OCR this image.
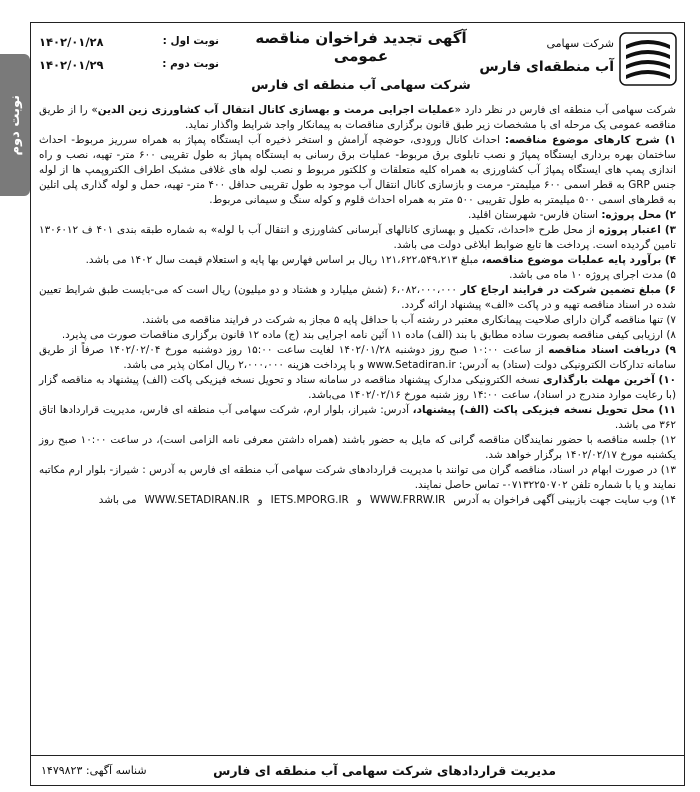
نوبت دوم
شرکت سهامی
آب منطقه‌ای فارس
آگهی تجدید فراخوان مناقصه عمومی
شرکت سهامی آب منطقه ای فارس
نوبت اول :
۱۴۰۲/۰۱/۲۸
نوبت دوم :
۱۴۰۲/۰۱/۲۹

شرکت سهامی آب منطقه ای فارس در نظر دارد «عملیات اجرایی مرمت و بهسازی کانال انتقال آب کشاورزی زین الدین» را از طریق مناقصه عمومی یک مرحله ای با مشخصات زیر طبق قانون برگزاری مناقصات به پیمانکار واجد شرایط واگذار نماید.

۱) شرح کارهای موضوع مناقصه: احداث کانال ورودی، حوضچه آرامش و استخر ذخیره آب ایستگاه پمپاژ به همراه سرریز مربوط- احداث ساختمان بهره برداری ایستگاه پمپاژ و نصب تابلوی برق مربوط- عملیات برق رسانی به ایستگاه پمپاژ به طول تقریبی ۶۰۰ متر- تهیه، نصب و راه اندازی پمپ های ایستگاه پمپاژ آب کشاورزی به همراه کلیه متعلقات و کلکتور مربوط و نصب لوله های غلافی مشبک اطراف الکتروپمپ ها از لوله جنس GRP به قطر اسمی ۶۰۰ میلیمتر- مرمت و بازسازی کانال انتقال آب موجود به طول تقریبی حداقل ۴۰۰ متر- تهیه، حمل و لوله گذاری پلی اتلین به قطرهای اسمی ۵۰۰ میلیمتر به طول تقریبی ۵۰۰ متر به همراه احداث قلوم و کوله سنگ و سیمانی مربوط.

۲) محل پروژه: استان فارس- شهرستان اقلید.

۳) اعتبار پروژه از محل طرح «احداث، تکمیل و بهسازی کانالهای آبرسانی کشاورزی و انتقال آب با لوله» به شماره طبقه بندی ۴۰۱ ف ۱۳۰۶۰۱۲ تامین گردیده است. پرداخت ها تابع ضوابط ابلاغی دولت می باشد.

۴) برآورد پایه عملیات موضوع مناقصه، مبلغ ۱۲۱،۶۲۲،۵۴۹،۲۱۳ ریال بر اساس فهارس بها پایه و استعلام قیمت سال ۱۴۰۲ می باشد.

۵) مدت اجرای پروژه ۱۰ ماه می باشد.

۶) مبلغ تضمین شرکت در فرایند ارجاع کار ۶،۰۸۲،۰۰۰،۰۰۰ (شش میلیارد و هشتاد و دو میلیون) ریال است که می-بایست طبق شرایط تعیین شده در اسناد مناقصه تهیه و در پاکت «الف» پیشنهاد ارائه گردد.

۷) تنها مناقصه گران دارای صلاحیت پیمانکاری معتبر در رشته آب با حداقل پایه ۵ مجاز به شرکت در فرایند مناقصه می باشند.

۸) ارزیابی کیفی مناقصه بصورت ساده مطابق با بند (الف) ماده ۱۱ آئین نامه اجرایی بند (ج) ماده ۱۲ قانون برگزاری مناقصات صورت می پذیرد.

۹) دریافت اسناد مناقصه از ساعت ۱۰:۰۰ صبح روز دوشنبه ۱۴۰۲/۰۱/۲۸ لغایت ساعت ۱۵:۰۰ روز دوشنبه مورخ ۱۴۰۲/۰۲/۰۴ صرفاً از طریق سامانه تدارکات الکترونیکی دولت (ستاد) به آدرس: www.Setadiran.ir و با پرداخت هزینه ۲،۰۰۰،۰۰۰ ریال امکان پذیر می باشد.

۱۰) آخرین مهلت بارگذاری نسخه الکترونیکی مدارک پیشنهاد مناقصه در سامانه ستاد و تحویل نسخه فیزیکی پاکت (الف) پیشنهاد به مناقصه گزار (با رعایت موارد مندرج در اسناد)، ساعت ۱۴:۰۰ روز شنبه مورخ ۱۴۰۲/۰۲/۱۶ می‌باشد.

۱۱) محل تحویل نسخه فیزیکی پاکت (الف) پیشنهاد، آدرس: شیراز، بلوار ارم، شرکت سهامی آب منطقه ای فارس، مدیریت قراردادها اتاق ۳۶۲ می باشد.

۱۲) جلسه مناقصه با حضور نمایندگان مناقصه گرانی که مایل به حضور باشند (همراه داشتن معرفی نامه الزامی است)، در ساعت ۱۰:۰۰ صبح روز یکشنبه مورخ ۱۴۰۲/۰۲/۱۷ برگزار خواهد شد.

۱۳) در صورت ابهام در اسناد، مناقصه گران می توانند با مدیریت قراردادهای شرکت سهامی آب منطقه ای فارس به آدرس : شیراز- بلوار ارم مکاتبه نمایند و یا با شماره تلفن ۰۷۱۳۲۲۵۰۷۰۲- تماس حاصل نمایند.

۱۴) وب سایت جهت بازبینی آگهی فراخوان به آدرسWWW.FRRW.IRوIETS.MPORG.IRوWWW.SETADIRAN.IRمی باشد

مدیریت قراردادهای شرکت سهامی آب منطقه ای فارس
شناسه آگهی: ۱۴۷۹۸۲۳
